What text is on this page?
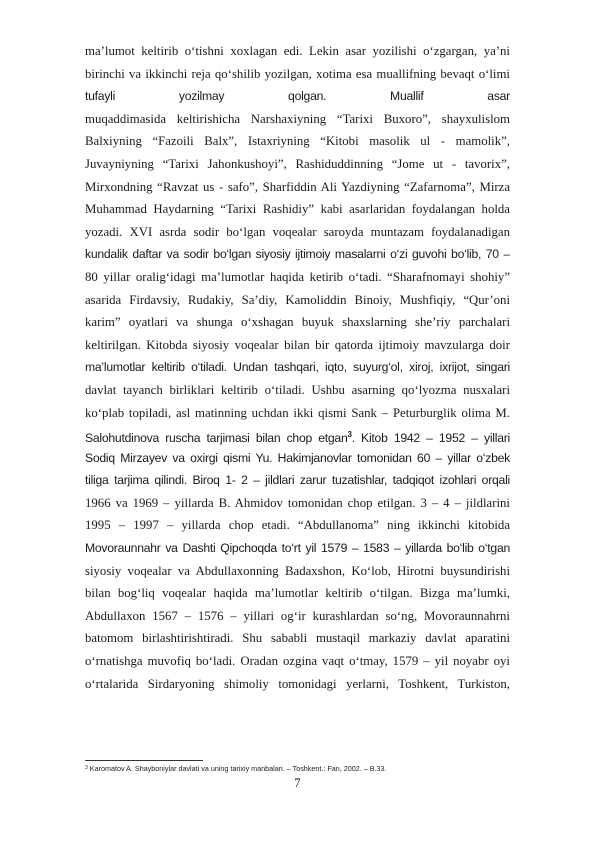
ma’lumot keltirib o‘tishni xoxlagan edi. Lekin asar yozilishi o‘zgargan, ya’ni
birinchi va ikkinchi reja qo‘shilib yozilgan, xotima esa muallifning bevaqt o‘limi
tufayli yozilmay qolgan. Muallif asar
muqaddimasida keltirishicha Narshaxiyning “Tarixi Buxoro”, shayxulislom
Balxiyning “Fazoili Balx”, Istaxriyning “Kitobi masolik ul - mamolik”,
Juvayniyning “Tarixi Jahonkushoyi”, Rashiduddinning “Jome ut - tavorix”,
Mirxondning “Ravzat us - safo”, Sharfiddin Ali Yazdiyning “Zafarnoma”, Mirza
Muhammad Haydarning “Tarixi Rashidiy” kabi asarlaridan foydalangan holda
yozadi. XVI asrda sodir bo‘lgan voqealar saroyda muntazam foydalanadigan
kundalik daftar va sodir bo‘lgan siyosiy ijtimoiy masalarni o‘zi guvohi bo‘lib, 70 –
80 yillar oralig‘idagi ma’lumotlar haqida ketirib o‘tadi. “Sharafnomayi shohiy”
asarida Firdavsiy, Rudakiy, Sa’diy, Kamoliddin Binoiy, Mushfiqiy, “Qur’oni
karim” oyatlari va shunga o‘xshagan buyuk shaxslarning she’riy parchalari
keltirilgan. Kitobda siyosiy voqealar bilan bir qatorda ijtimoiy mavzularga doir
ma’lumotlar keltirib o‘tiladi. Undan tashqari, iqto, suyurg‘ol, xiroj, ixrijot, singari
davlat tayanch birliklari keltirib o‘tiladi. Ushbu asarning qo‘lyozma nusxalari
ko‘plab topiladi, asl matinning uchdan ikki qismi Sank – Peturburglik olima M.
Salohutdinova ruscha tarjimasi bilan chop etgan$^3$. Kitob 1942 – 1952 – yillari
Sodiq Mirzayev va oxirgi qismi Yu. Hakimjanovlar tomonidan 60 – yillar o‘zbek
tiliga tarjima qilindi. Biroq 1- 2 – jildlari zarur tuzatishlar, tadqiqot izohlari orqali
1966 va 1969 – yillarda B. Ahmidov tomonidan chop etilgan. 3 – 4 – jildlarini
1995 – 1997 – yillarda chop etadi. “Abdullanoma” ning ikkinchi kitobida
Movoraunnahr va Dashti Qipchoqda to‘rt yil 1579 – 1583 – yillarda bo‘lib o‘tgan
siyosiy voqealar va Abdullaxonning Badaxshon, Ko‘lob, Hirotni buysundirishi
bilan bog‘liq voqealar haqida ma’lumotlar keltirib o‘tilgan. Bizga ma’lumki,
Abdullaxon 1567 – 1576 – yillari og‘ir kurashlardan so‘ng, Movoraunnahrni
batomom birlashtirishtiradi. Shu sababli mustaqil markaziy davlat aparatini
o‘rnatishga muvofiq bo‘ladi. Oradan ozgina vaqt o‘tmay, 1579 – yil noyabr oyi
o‘rtalarida Sirdaryoning shimoliy tomonidagi yerlarni, Toshkent, Turkiston,
$^3$ Karomatov A. Shayboniylar davlati va uning tarixiy manbalari. – Toshkent.: Fan, 2002. – B.33.
7
